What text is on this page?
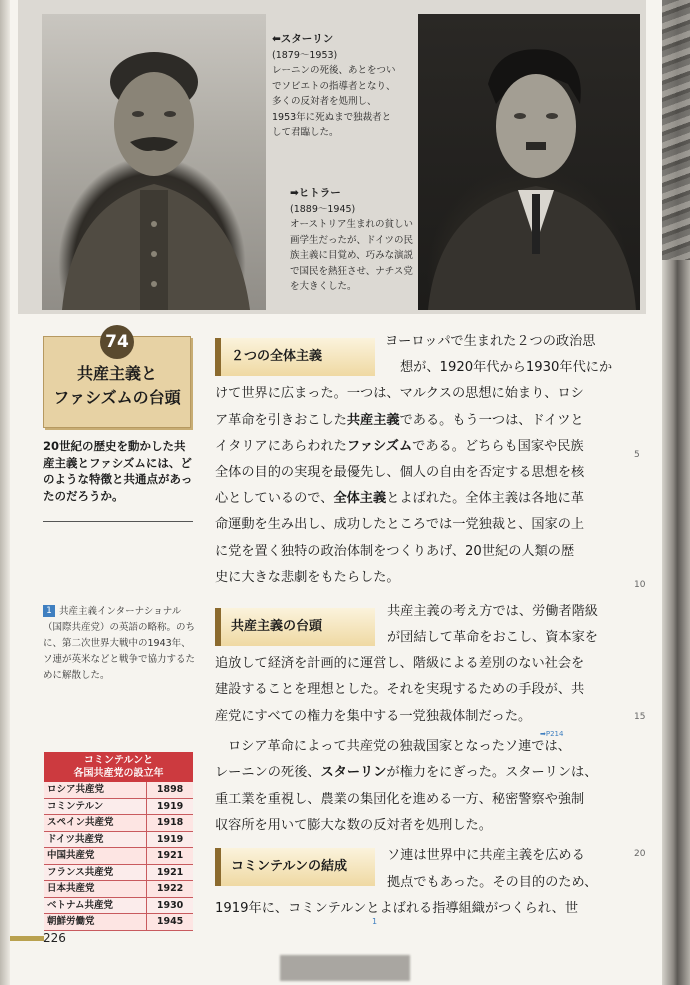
⬅スターリン
(1879～1953)
レーニンの死後、あとをついでソビエトの指導者となり、多くの反対者を処刑し、1953年に死ぬまで独裁者として君臨した。
➡ヒトラー
(1889～1945)
オーストリア生まれの貧しい画学生だったが、ドイツの民族主義に目覚め、巧みな演説で国民を熱狂させ、ナチス党を大きくした。
74
共産主義と
ファシズムの台頭
20世紀の歴史を動かした共産主義とファシズムには、どのような特徴と共通点があったのだろうか。
1 共産主義インターナショナル（国際共産党）の英語の略称。のちに、第二次世界大戦中の1943年、ソ連が英米などと戦争で協力するために解散した。
コミンテルンと
各国共産党の設立年	

ロシア共産党	1898
コミンテルン	1919
スペイン共産党	1918
ドイツ共産党	1919
中国共産党	1921
フランス共産党	1921
日本共産党	1922
ベトナム共産党	1930
朝鮮労働党	1945
２つの全体主義
共産主義の台頭
コミンテルンの結成

ヨーロッパで生まれた２つの政治思

想が、1920年代から1930年代にか

けて世界に広まった。一つは、マルクスの思想に始まり、ロシ

ア革命を引きおこした共産主義である。もう一つは、ドイツと

イタリアにあらわれたファシズムである。どちらも国家や民族

全体の目的の実現を最優先し、個人の自由を否定する思想を核

心としているので、全体主義とよばれた。全体主義は各地に革

命運動を生み出し、成功したところでは一党独裁と、国家の上

に党を置く独特の政治体制をつくりあげ、20世紀の人類の歴

史に大きな悲劇をもたらした。

共産主義の考え方では、労働者階級

が団結して革命をおこし、資本家を

追放して経済を計画的に運営し、階級による差別のない社会を

建設することを理想とした。それを実現するための手段が、共

産党にすべての権力を集中する一党独裁体制だった。

ロシア革命によって共産党の独裁国家となったソ連では、

レーニンの死後、スターリンが権力をにぎった。スターリンは、

重工業を重視し、農業の集団化を進める一方、秘密警察や強制

収容所を用いて膨大な数の反対者を処刑した。

ソ連は世界中に共産主義を広める

拠点でもあった。その目的のため、

1919年に、コミンテルンとよばれる指導組織がつくられ、世

➡P214
1
5
10
15
20
226
